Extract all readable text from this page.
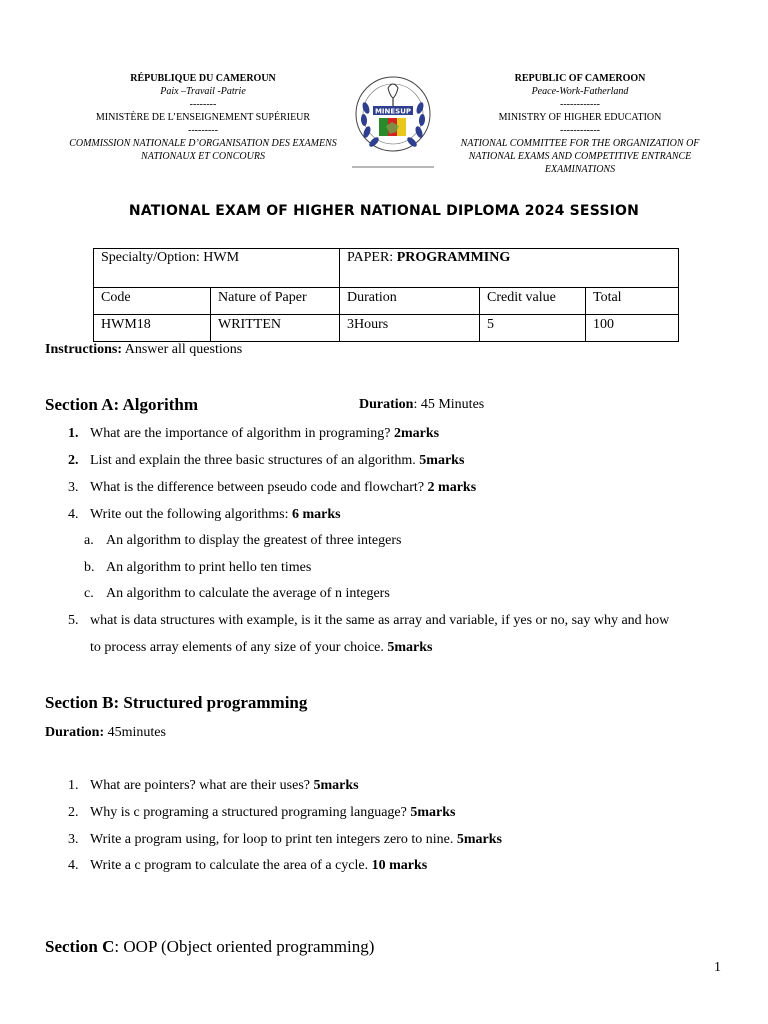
RÉPUBLIQUE DU CAMEROUN
Paix –Travail -Patrie
--------
MINISTÈRE DE L’ENSEIGNEMENT SUPÉRIEUR
---------
COMMISSION NATIONALE D’ORGANISATION DES EXAMENS
NATIONAUX ET CONCOURS
MINESUP
REPUBLIC OF CAMEROON
Peace-Work-Fatherland
------------
MINISTRY OF HIGHER EDUCATION
------------
NATIONAL COMMITTEE FOR THE ORGANIZATION OF
NATIONAL EXAMS AND COMPETITIVE ENTRANCE
EXAMINATIONS
NATIONAL EXAM OF HIGHER NATIONAL DIPLOMA 2024 SESSION
Specialty/Option: HWM		PAPER: PROGRAMMING		
Code	Nature of Paper	Duration	Credit value	Total
HWM18	WRITTEN	3Hours	5	100
Instructions: Answer all questions
Section A: Algorithm	Duration: 45 Minutes
1. What are the importance of algorithm in programing? 2marks
2. List and explain the three basic structures of an algorithm. 5marks
3. What is the difference between pseudo code and flowchart? 2 marks
4. Write out the following algorithms: 6 marks
a. An algorithm to display the greatest of three integers
b. An algorithm to print hello ten times
c. An algorithm to calculate the average of n integers
5. what is data structures with example, is it the same as array and variable, if yes or no, say why and how
to process array elements of any size of your choice. 5marks
Section B: Structured programming
Duration: 45minutes
1. What are pointers? what are their uses? 5marks
2. Why is c programing a structured programing language? 5marks
3. Write a program using, for loop to print ten integers zero to nine. 5marks
4. Write a c program to calculate the area of a cycle. 10 marks
Section C: OOP (Object oriented programming)
1
